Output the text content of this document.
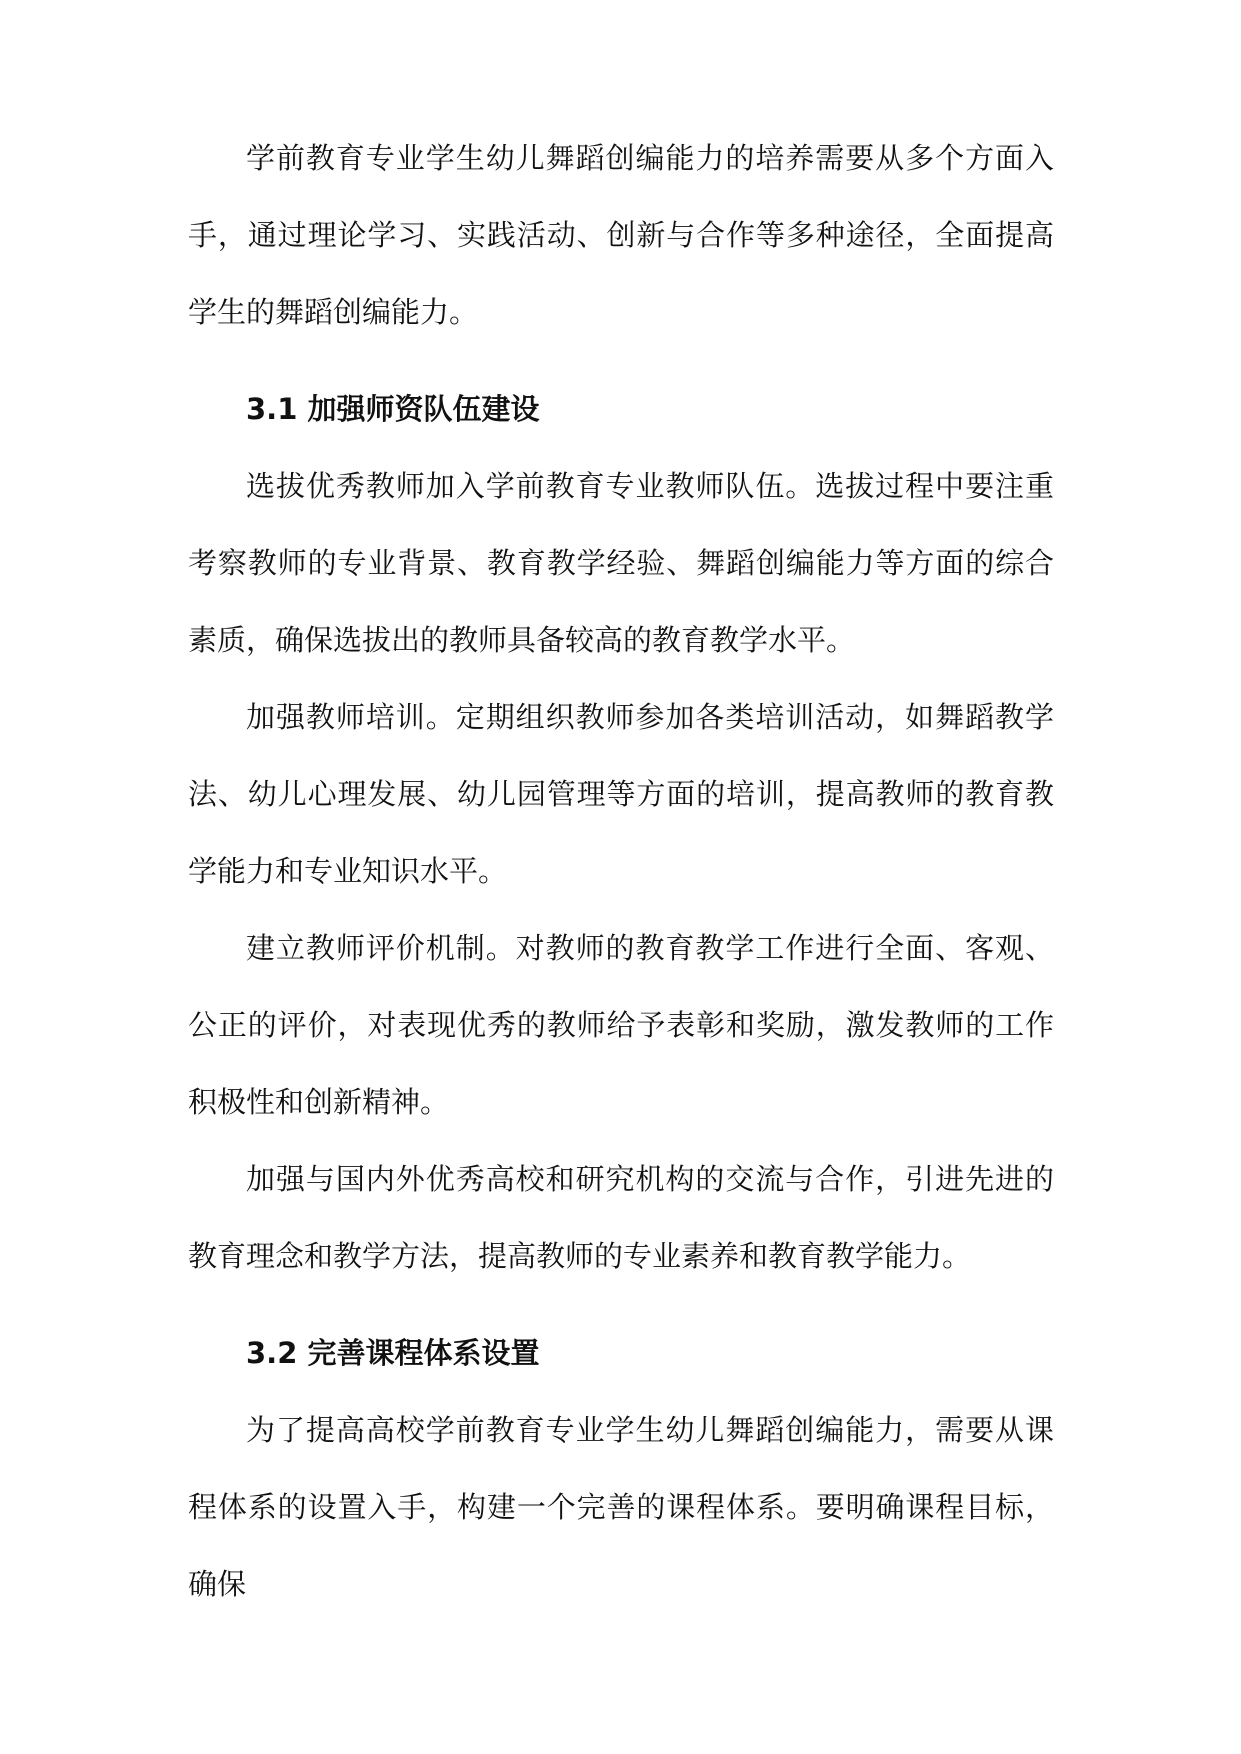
学前教育专业学生幼儿舞蹈创编能力的培养需要从多个方面入手，通过理论学习、实践活动、创新与合作等多种途径，全面提高学生的舞蹈创编能力。

3.1 加强师资队伍建设

选拔优秀教师加入学前教育专业教师队伍。选拔过程中要注重考察教师的专业背景、教育教学经验、舞蹈创编能力等方面的综合素质，确保选拔出的教师具备较高的教育教学水平。

加强教师培训。定期组织教师参加各类培训活动，如舞蹈教学法、幼儿心理发展、幼儿园管理等方面的培训，提高教师的教育教学能力和专业知识水平。

建立教师评价机制。对教师的教育教学工作进行全面、客观、公正的评价，对表现优秀的教师给予表彰和奖励，激发教师的工作积极性和创新精神。

加强与国内外优秀高校和研究机构的交流与合作，引进先进的教育理念和教学方法，提高教师的专业素养和教育教学能力。

3.2 完善课程体系设置

为了提高高校学前教育专业学生幼儿舞蹈创编能力，需要从课程体系的设置入手，构建一个完善的课程体系。要明确课程目标，确保
